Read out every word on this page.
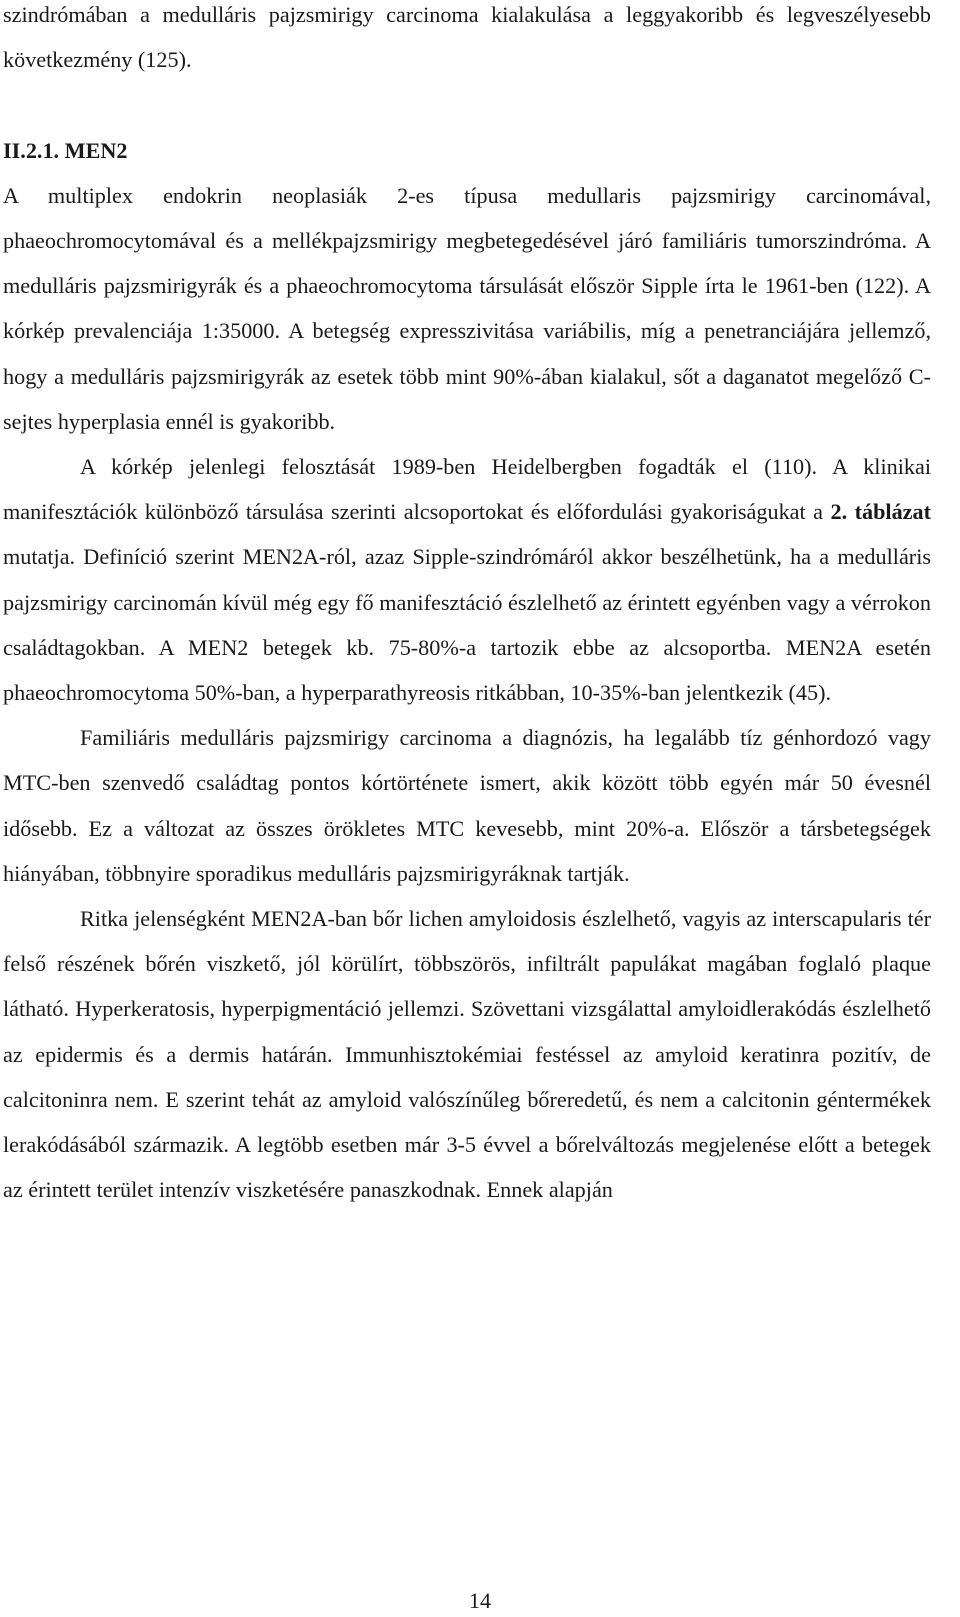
szindrómában a medulláris pajzsmirigy carcinoma kialakulása a leggyakoribb és legveszélyesebb következmény (125).

II.2.1. MEN2

A multiplex endokrin neoplasiák 2-es típusa medullaris pajzsmirigy carcinomával, phaeochromocytomával és a mellékpajzsmirigy megbetegedésével járó familiáris tumorszindróma. A medulláris pajzsmirigyrák és a phaeochromocytoma társulását először Sipple írta le 1961-ben (122). A kórkép prevalenciája 1:35000. A betegség expresszivitása variábilis, míg a penetranciájára jellemző, hogy a medulláris pajzsmirigyrák az esetek több mint 90%-ában kialakul, sőt a daganatot megelőző C-sejtes hyperplasia ennél is gyakoribb.

A kórkép jelenlegi felosztását 1989-ben Heidelbergben fogadták el (110). A klinikai manifesztációk különböző társulása szerinti alcsoportokat és előfordulási gyakoriságukat a 2. táblázat mutatja. Definíció szerint MEN2A-ról, azaz Sipple-szindrómáról akkor beszélhetünk, ha a medulláris pajzsmirigy carcinomán kívül még egy fő manifesztáció észlelhető az érintett egyénben vagy a vérrokon családtagokban. A MEN2 betegek kb. 75-80%-a tartozik ebbe az alcsoportba. MEN2A esetén phaeochromocytoma 50%-ban, a hyperparathyreosis ritkábban, 10-35%-ban jelentkezik (45).

Familiáris medulláris pajzsmirigy carcinoma a diagnózis, ha legalább tíz génhordozó vagy MTC-ben szenvedő családtag pontos kórtörténete ismert, akik között több egyén már 50 évesnél idősebb. Ez a változat az összes örökletes MTC kevesebb, mint 20%-a. Először a társbetegségek hiányában, többnyire sporadikus medulláris pajzsmirigyráknak tartják.

Ritka jelenségként MEN2A-ban bőr lichen amyloidosis észlelhető, vagyis az interscapularis tér felső részének bőrén viszkető, jól körülírt, többszörös, infiltrált papulákat magában foglaló plaque látható. Hyperkeratosis, hyperpigmentáció jellemzi. Szövettani vizsgálattal amyloidlerakódás észlelhető az epidermis és a dermis határán. Immunhisztokémiai festéssel az amyloid keratinra pozitív, de calcitoninra nem. E szerint tehát az amyloid valószínűleg bőreredetű, és nem a calcitonin géntermékek lerakódásából származik. A legtöbb esetben már 3-5 évvel a bőrelváltozás megjelenése előtt a betegek az érintett terület intenzív viszketésére panaszkodnak. Ennek alapján

14
